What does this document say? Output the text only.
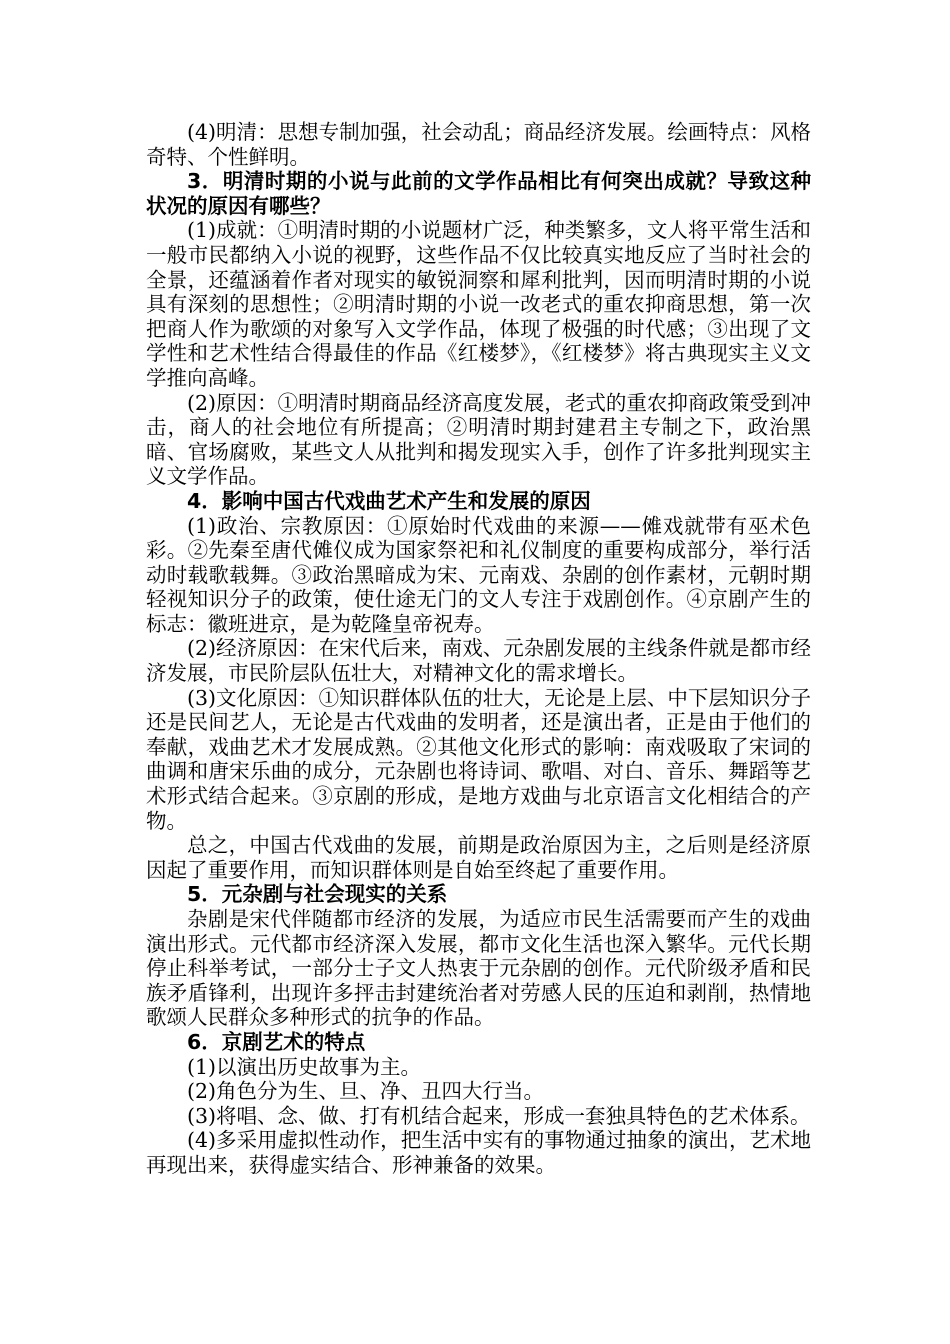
(4)明清：思想专制加强，社会动乱；商品经济发展。绘画特点：风格奇特、个性鲜明。

3．明清时期的小说与此前的文学作品相比有何突出成就？导致这种状况的原因有哪些？

(1)成就：①明清时期的小说题材广泛，种类繁多，文人将平常生活和一般市民都纳入小说的视野，这些作品不仅比较真实地反应了当时社会的全景，还蕴涵着作者对现实的敏锐洞察和犀利批判，因而明清时期的小说具有深刻的思想性；②明清时期的小说一改老式的重农抑商思想，第一次把商人作为歌颂的对象写入文学作品，体现了极强的时代感；③出现了文学性和艺术性结合得最佳的作品《红楼梦》，《红楼梦》将古典现实主义文学推向高峰。

(2)原因：①明清时期商品经济高度发展，老式的重农抑商政策受到冲击，商人的社会地位有所提高；②明清时期封建君主专制之下，政治黑暗、官场腐败，某些文人从批判和揭发现实入手，创作了许多批判现实主义文学作品。

4．影响中国古代戏曲艺术产生和发展的原因

(1)政治、宗教原因：①原始时代戏曲的来源——傩戏就带有巫术色彩。②先秦至唐代傩仪成为国家祭祀和礼仪制度的重要构成部分，举行活动时载歌载舞。③政治黑暗成为宋、元南戏、杂剧的创作素材，元朝时期轻视知识分子的政策，使仕途无门的文人专注于戏剧创作。④京剧产生的标志：徽班进京，是为乾隆皇帝祝寿。

(2)经济原因：在宋代后来，南戏、元杂剧发展的主线条件就是都市经济发展，市民阶层队伍壮大，对精神文化的需求增长。

(3)文化原因：①知识群体队伍的壮大，无论是上层、中下层知识分子还是民间艺人，无论是古代戏曲的发明者，还是演出者，正是由于他们的奉献，戏曲艺术才发展成熟。②其他文化形式的影响：南戏吸取了宋词的曲调和唐宋乐曲的成分，元杂剧也将诗词、歌唱、对白、音乐、舞蹈等艺术形式结合起来。③京剧的形成，是地方戏曲与北京语言文化相结合的产物。

总之，中国古代戏曲的发展，前期是政治原因为主，之后则是经济原因起了重要作用，而知识群体则是自始至终起了重要作用。

5．元杂剧与社会现实的关系

杂剧是宋代伴随都市经济的发展，为适应市民生活需要而产生的戏曲演出形式。元代都市经济深入发展，都市文化生活也深入繁华。元代长期停止科举考试，一部分士子文人热衷于元杂剧的创作。元代阶级矛盾和民族矛盾锋利，出现许多抨击封建统治者对劳感人民的压迫和剥削，热情地歌颂人民群众多种形式的抗争的作品。

6．京剧艺术的特点

(1)以演出历史故事为主。

(2)角色分为生、旦、净、丑四大行当。

(3)将唱、念、做、打有机结合起来，形成一套独具特色的艺术体系。

(4)多采用虚拟性动作，把生活中实有的事物通过抽象的演出，艺术地再现出来，获得虚实结合、形神兼备的效果。
